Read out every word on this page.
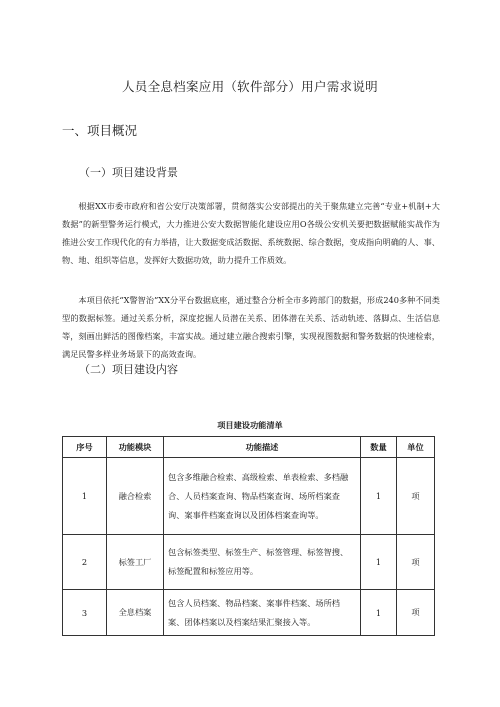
人员全息档案应用（软件部分）用户需求说明
一、项目概况
（一）项目建设背景

根据XX市委市政府和省公安厅决策部署，贯彻落实公安部提出的关于聚焦建立完善“专业+机制+大数据”的新型警务运行模式，大力推进公安大数据智能化建设应用O各级公安机关要把数据赋能实战作为推进公安工作现代化的有力举措，让大数据变成活数据、系统数据、综合数据，变成指向明确的人、事、物、地、组织等信息，发挥好大数据功效，助力提升工作质效。

本项目依托“X警智治”XX分平台数据底座，通过整合分析全市多跨部门的数据，形成240多种不同类型的数据标签。通过关系分析，深度挖掘人员潜在关系、团体潜在关系、活动轨迹、落脚点、生活信息等，刻画出鲜活的图像档案，丰富实战。通过建立融合搜索引擎，实现视图数据和警务数据的快速检索，满足民警多样业务场景下的高效查询。

（二）项目建设内容
项目建设功能清单
序号	功能模块	功能描述	数量	单位
1	融合检索	包含多维融合检索、高级检索、单表检索、多档融合、人员档案查询、物品档案查询、场所档案查询、案事件档案查询以及团体档案查询等。	1	项
2	标签工厂	包含标签类型、标签生产、标签管理、标签智搜、标签配置和标签应用等。	1	项
3	全息档案	包含人员档案、物品档案、案事件档案、场所档案、团体档案以及档案结果汇聚接入等。	1	项
